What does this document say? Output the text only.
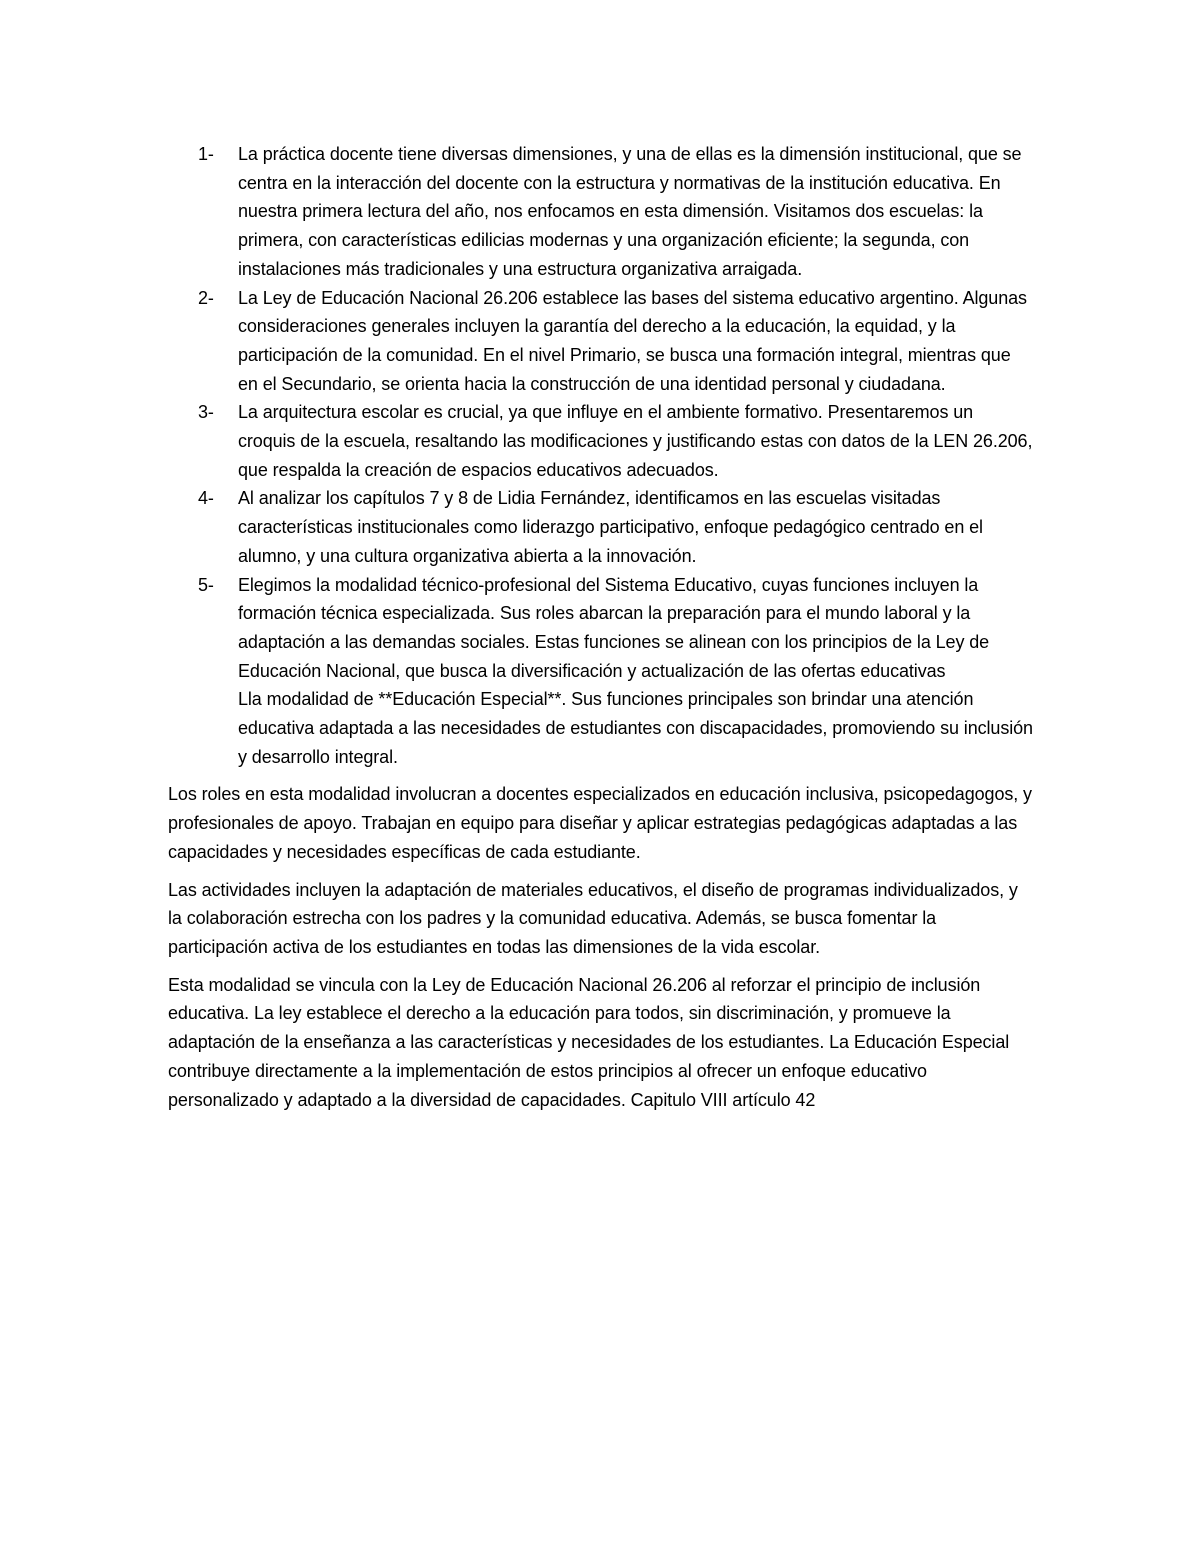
1-	La práctica docente tiene diversas dimensiones, y una de ellas es la dimensión institucional, que se centra en la interacción del docente con la estructura y normativas de la institución educativa. En nuestra primera lectura del año, nos enfocamos en esta dimensión. Visitamos dos escuelas: la primera, con características edilicias modernas y una organización eficiente; la segunda, con instalaciones más tradicionales y una estructura organizativa arraigada.
2-	La Ley de Educación Nacional 26.206 establece las bases del sistema educativo argentino. Algunas consideraciones generales incluyen la garantía del derecho a la educación, la equidad, y la participación de la comunidad. En el nivel Primario, se busca una formación integral, mientras que en el Secundario, se orienta hacia la construcción de una identidad personal y ciudadana.
3-	La arquitectura escolar es crucial, ya que influye en el ambiente formativo. Presentaremos un croquis de la escuela, resaltando las modificaciones y justificando estas con datos de la LEN 26.206, que respalda la creación de espacios educativos adecuados.
4-	Al analizar los capítulos 7 y 8 de Lidia Fernández, identificamos en las escuelas visitadas características institucionales como liderazgo participativo, enfoque pedagógico centrado en el alumno, y una cultura organizativa abierta a la innovación.
5-	Elegimos la modalidad técnico-profesional del Sistema Educativo, cuyas funciones incluyen la formación técnica especializada. Sus roles abarcan la preparación para el mundo laboral y la adaptación a las demandas sociales. Estas funciones se alinean con los principios de la Ley de Educación Nacional, que busca la diversificación y actualización de las ofertas educativas
Lla modalidad de **Educación Especial**. Sus funciones principales son brindar una atención educativa adaptada a las necesidades de estudiantes con discapacidades, promoviendo su inclusión y desarrollo integral.

Los roles en esta modalidad involucran a docentes especializados en educación inclusiva, psicopedagogos, y profesionales de apoyo. Trabajan en equipo para diseñar y aplicar estrategias pedagógicas adaptadas a las capacidades y necesidades específicas de cada estudiante.

Las actividades incluyen la adaptación de materiales educativos, el diseño de programas individualizados, y la colaboración estrecha con los padres y la comunidad educativa. Además, se busca fomentar la participación activa de los estudiantes en todas las dimensiones de la vida escolar.

Esta modalidad se vincula con la Ley de Educación Nacional 26.206 al reforzar el principio de inclusión educativa. La ley establece el derecho a la educación para todos, sin discriminación, y promueve la adaptación de la enseñanza a las características y necesidades de los estudiantes. La Educación Especial contribuye directamente a la implementación de estos principios al ofrecer un enfoque educativo personalizado y adaptado a la diversidad de capacidades. Capitulo VIII artículo 42
